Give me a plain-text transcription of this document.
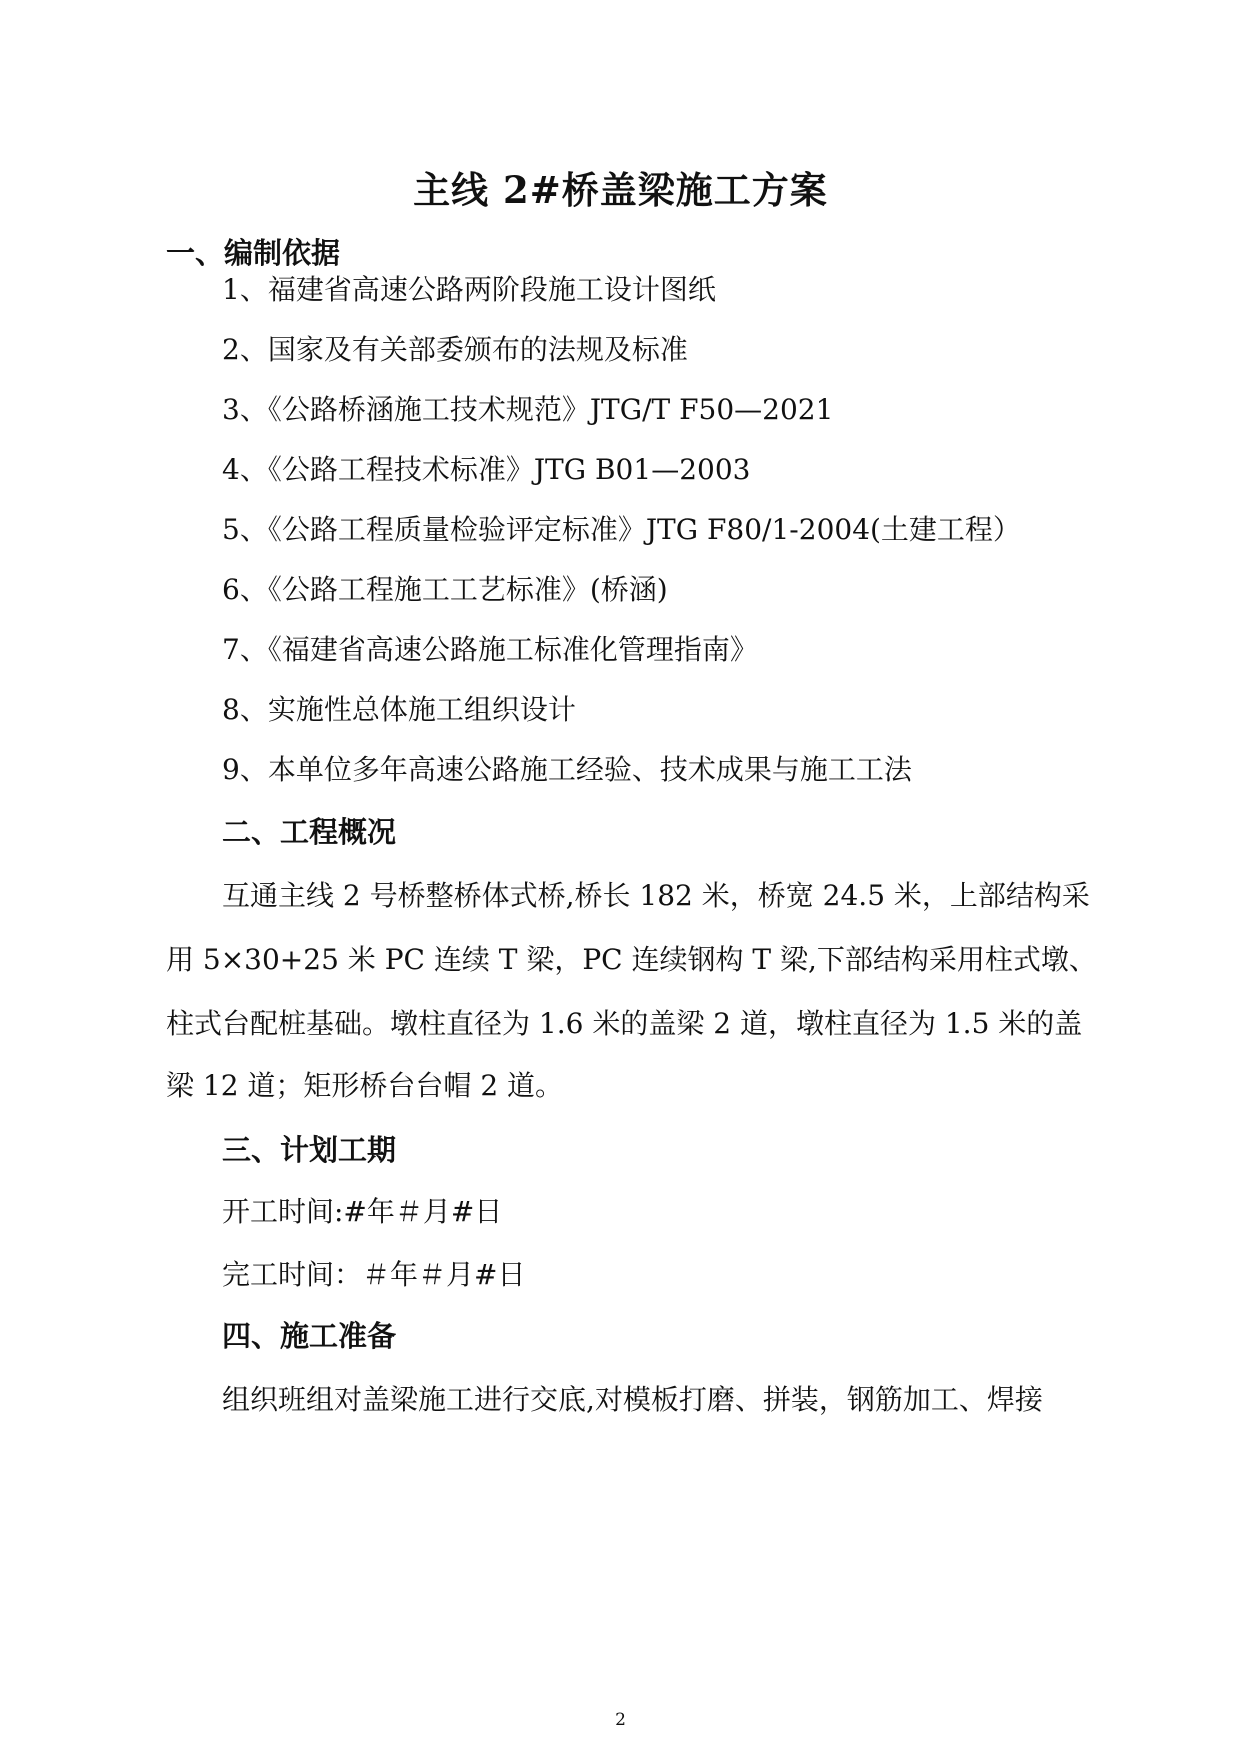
主线 2#桥盖梁施工方案
一、编制依据
1、福建省高速公路两阶段施工设计图纸
2、国家及有关部委颁布的法规及标准
3、《公路桥涵施工技术规范》JTG/T F50—2021
4、《公路工程技术标准》JTG B01—2003
5、《公路工程质量检验评定标准》JTG F80/1-2004(土建工程）
6、《公路工程施工工艺标准》(桥涵)
7、《福建省高速公路施工标准化管理指南》
8、实施性总体施工组织设计
9、本单位多年高速公路施工经验、技术成果与施工工法
二、工程概况
互通主线 2 号桥整桥体式桥,桥长 182 米，桥宽 24.5 米，上部结构采
用 5×30+25 米 PC 连续 T 梁，PC 连续钢构 T 梁,下部结构采用柱式墩、
柱式台配桩基础。墩柱直径为 1.6 米的盖梁 2 道，墩柱直径为 1.5 米的盖
梁 12 道；矩形桥台台帽 2 道。
三、计划工期
开工时间:#年＃月#日
完工时间：＃年＃月#日
四、施工准备
组织班组对盖梁施工进行交底,对模板打磨、拼装，钢筋加工、焊接
2
